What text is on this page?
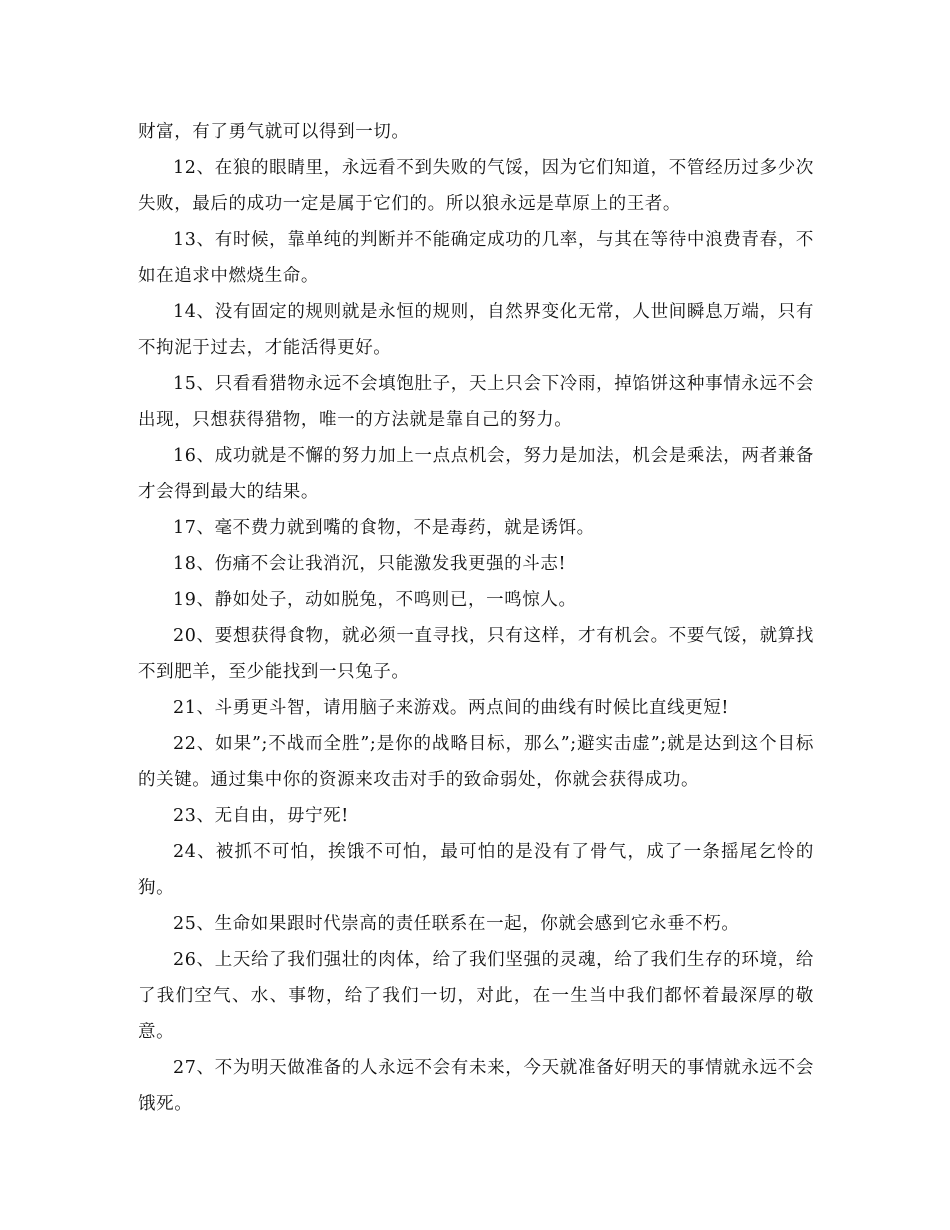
财富，有了勇气就可以得到一切。

12、在狼的眼睛里，永远看不到失败的气馁，因为它们知道，不管经历过多少次失败，最后的成功一定是属于它们的。所以狼永远是草原上的王者。

13、有时候，靠单纯的判断并不能确定成功的几率，与其在等待中浪费青春，不如在追求中燃烧生命。

14、没有固定的规则就是永恒的规则，自然界变化无常，人世间瞬息万端，只有不拘泥于过去，才能活得更好。

15、只看看猎物永远不会填饱肚子，天上只会下冷雨，掉馅饼这种事情永远不会出现，只想获得猎物，唯一的方法就是靠自己的努力。

16、成功就是不懈的努力加上一点点机会，努力是加法，机会是乘法，两者兼备才会得到最大的结果。

17、毫不费力就到嘴的食物，不是毒药，就是诱饵。

18、伤痛不会让我消沉，只能激发我更强的斗志!

19、静如处子，动如脱兔，不鸣则已，一鸣惊人。

20、要想获得食物，就必须一直寻找，只有这样，才有机会。不要气馁，就算找不到肥羊，至少能找到一只兔子。

21、斗勇更斗智，请用脑子来游戏。两点间的曲线有时候比直线更短!

22、如果”;不战而全胜”;是你的战略目标，那么”;避实击虚”;就是达到这个目标的关键。通过集中你的资源来攻击对手的致命弱处，你就会获得成功。

23、无自由，毋宁死!

24、被抓不可怕，挨饿不可怕，最可怕的是没有了骨气，成了一条摇尾乞怜的狗。

25、生命如果跟时代崇高的责任联系在一起，你就会感到它永垂不朽。

26、上天给了我们强壮的肉体，给了我们坚强的灵魂，给了我们生存的环境，给了我们空气、水、事物，给了我们一切，对此，在一生当中我们都怀着最深厚的敬意。

27、不为明天做准备的人永远不会有未来，今天就准备好明天的事情就永远不会饿死。
